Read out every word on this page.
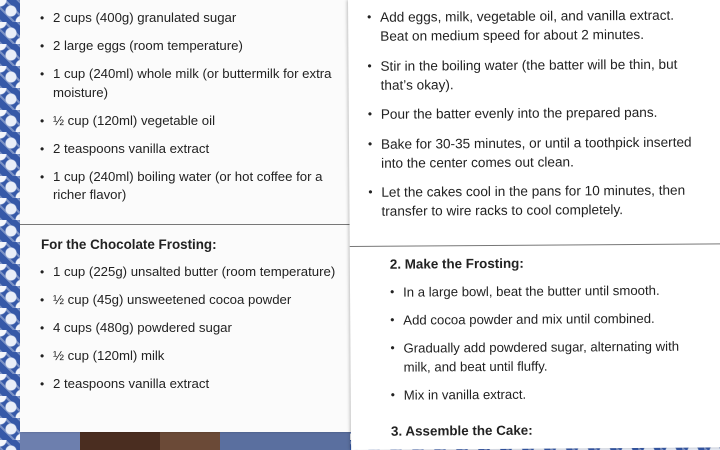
• 2 cups (400g) granulated sugar
• 2 large eggs (room temperature)
• 1 cup (240ml) whole milk (or buttermilk for extra moisture)
• ½ cup (120ml) vegetable oil
• 2 teaspoons vanilla extract
• 1 cup (240ml) boiling water (or hot coffee for a richer flavor)
For the Chocolate Frosting:
• 1 cup (225g) unsalted butter (room temperature)
• ½ cup (45g) unsweetened cocoa powder
• 4 cups (480g) powdered sugar
• ½ cup (120ml) milk
• 2 teaspoons vanilla extract
• Add eggs, milk, vegetable oil, and vanilla extract. Beat on medium speed for about 2 minutes.
• Stir in the boiling water (the batter will be thin, but that’s okay).
• Pour the batter evenly into the prepared pans.
• Bake for 30-35 minutes, or until a toothpick inserted into the center comes out clean.
• Let the cakes cool in the pans for 10 minutes, then transfer to wire racks to cool completely.
2. Make the Frosting:
• In a large bowl, beat the butter until smooth.
• Add cocoa powder and mix until combined.
• Gradually add powdered sugar, alternating with milk, and beat until fluffy.
• Mix in vanilla extract.
3. Assemble the Cake:
